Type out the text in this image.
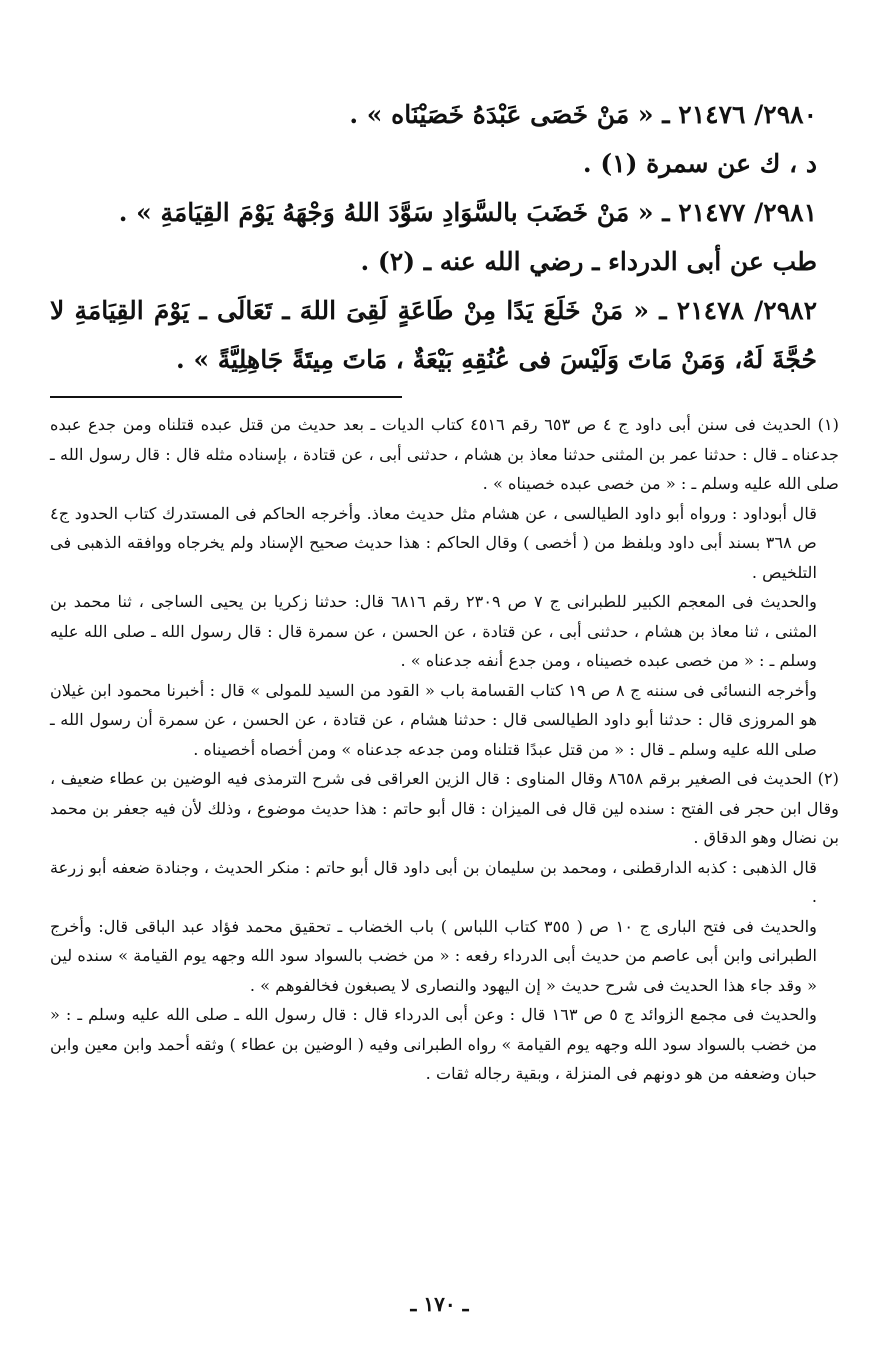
٢٩٨٠/ ٢١٤٧٦ ـ « مَنْ خَصَى عَبْدَهُ خَصَيْنَاه » .

د ، ك عن سمرة (١) .

٢٩٨١/ ٢١٤٧٧ ـ « مَنْ خَضَبَ بالسَّوَادِ سَوَّدَ اللهُ وَجْهَهُ يَوْمَ القِيَامَةِ » .

طب عن أبى الدرداء ـ رضي الله عنه ـ (٢) .

٢٩٨٢/ ٢١٤٧٨ ـ « مَنْ خَلَعَ يَدًا مِنْ طَاعَةٍ لَقِىَ اللهَ ـ تَعَالَى ـ يَوْمَ القِيَامَةِ لا حُجَّةَ لَهُ، وَمَنْ مَاتَ وَلَيْسَ فى عُنُقِهِ بَيْعَةٌ ، مَاتَ مِيتَةً جَاهِلِيَّةً » .

(١) الحديث فى سنن أبى داود ج ٤ ص ٦٥٣ رقم ٤٥١٦ كتاب الديات ـ بعد حديث من قتل عبده قتلناه ومن جدع عبده جدعناه ـ قال : حدثنا عمر بن المثنى حدثنا معاذ بن هشام ، حدثنى أبى ، عن قتادة ، بإسناده مثله قال : قال رسول الله ـ صلى الله عليه وسلم ـ : « من خصى عبده خصيناه » .

قال أبوداود : ورواه أبو داود الطيالسى ، عن هشام مثل حديث معاذ. وأخرجه الحاكم فى المستدرك كتاب الحدود ج٤ ص ٣٦٨ بسند أبى داود وبلفظ من ( أخصى ) وقال الحاكم : هذا حديث صحيح الإسناد ولم يخرجاه ووافقه الذهبى فى التلخيص .

والحديث فى المعجم الكبير للطبرانى ج ٧ ص ٢٣٠٩ رقم ٦٨١٦ قال: حدثنا زكريا بن يحيى الساجى ، ثنا محمد بن المثنى ، ثنا معاذ بن هشام ، حدثنى أبى ، عن قتادة ، عن الحسن ، عن سمرة قال : قال رسول الله ـ صلى الله عليه وسلم ـ : « من خصى عبده خصيناه ، ومن جدع أنفه جدعناه » .

وأخرجه النسائى فى سننه ج ٨ ص ١٩ كتاب القسامة باب « القود من السيد للمولى » قال : أخبرنا محمود ابن غيلان هو المروزى قال : حدثنا أبو داود الطيالسى قال : حدثنا هشام ، عن قتادة ، عن الحسن ، عن سمرة أن رسول الله ـ صلى الله عليه وسلم ـ قال : « من قتل عبدًا قتلناه ومن جدعه جدعناه » ومن أخصاه أخصيناه .

(٢) الحديث فى الصغير برقم ٨٦٥٨ وقال المناوى : قال الزين العراقى فى شرح الترمذى فيه الوضين بن عطاء ضعيف ، وقال ابن حجر فى الفتح : سنده لين قال فى الميزان : قال أبو حاتم : هذا حديث موضوع ، وذلك لأن فيه جعفر بن محمد بن نضال وهو الدقاق .

قال الذهبى : كذبه الدارقطنى ، ومحمد بن سليمان بن أبى داود قال أبو حاتم : منكر الحديث ، وجنادة ضعفه أبو زرعة .

والحديث فى فتح البارى ج ١٠ ص ( ٣٥٥ كتاب اللباس ) باب الخضاب ـ تحقيق محمد فؤاد عبد الباقى قال: وأخرج الطبرانى وابن أبى عاصم من حديث أبى الدرداء رفعه : « من خضب بالسواد سود الله وجهه يوم القيامة » سنده لين « وقد جاء هذا الحديث فى شرح حديث « إن اليهود والنصارى لا يصبغون فخالفوهم » .

والحديث فى مجمع الزوائد ج ٥ ص ١٦٣ قال : وعن أبى الدرداء قال : قال رسول الله ـ صلى الله عليه وسلم ـ : « من خضب بالسواد سود الله وجهه يوم القيامة » رواه الطبرانى وفيه ( الوضين بن عطاء ) وثقه أحمد وابن معين وابن حبان وضعفه من هو دونهم فى المنزلة ، وبقية رجاله ثقات .

ـ ١٧٠ ـ
